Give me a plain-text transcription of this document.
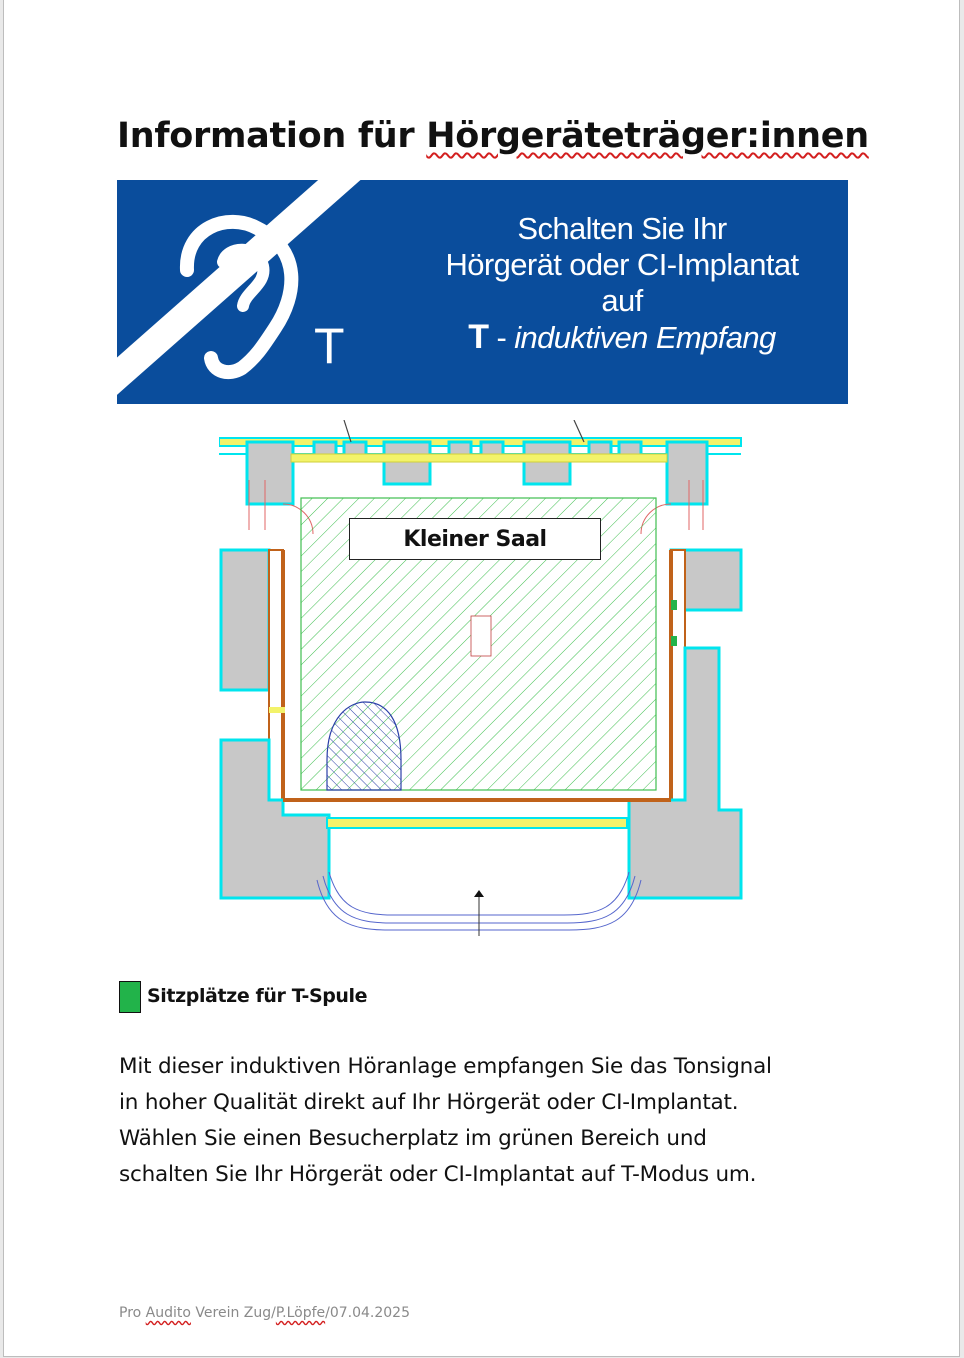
Information für Hörgeräteträger:innen
T
Schalten Sie Ihr
Hörgerät oder CI-Implantat
auf
T - induktiven Empfang
Kleiner Saal
Sitzplätze für T-Spule
Mit dieser induktiven Höranlage empfangen Sie das Tonsignal
in hoher Qualität direkt auf Ihr Hörgerät oder CI-Implantat.
Wählen Sie einen Besucherplatz im grünen Bereich und
schalten Sie Ihr Hörgerät oder CI-Implantat auf T-Modus um.
Pro Audito Verein Zug/P.Löpfe/07.04.2025
